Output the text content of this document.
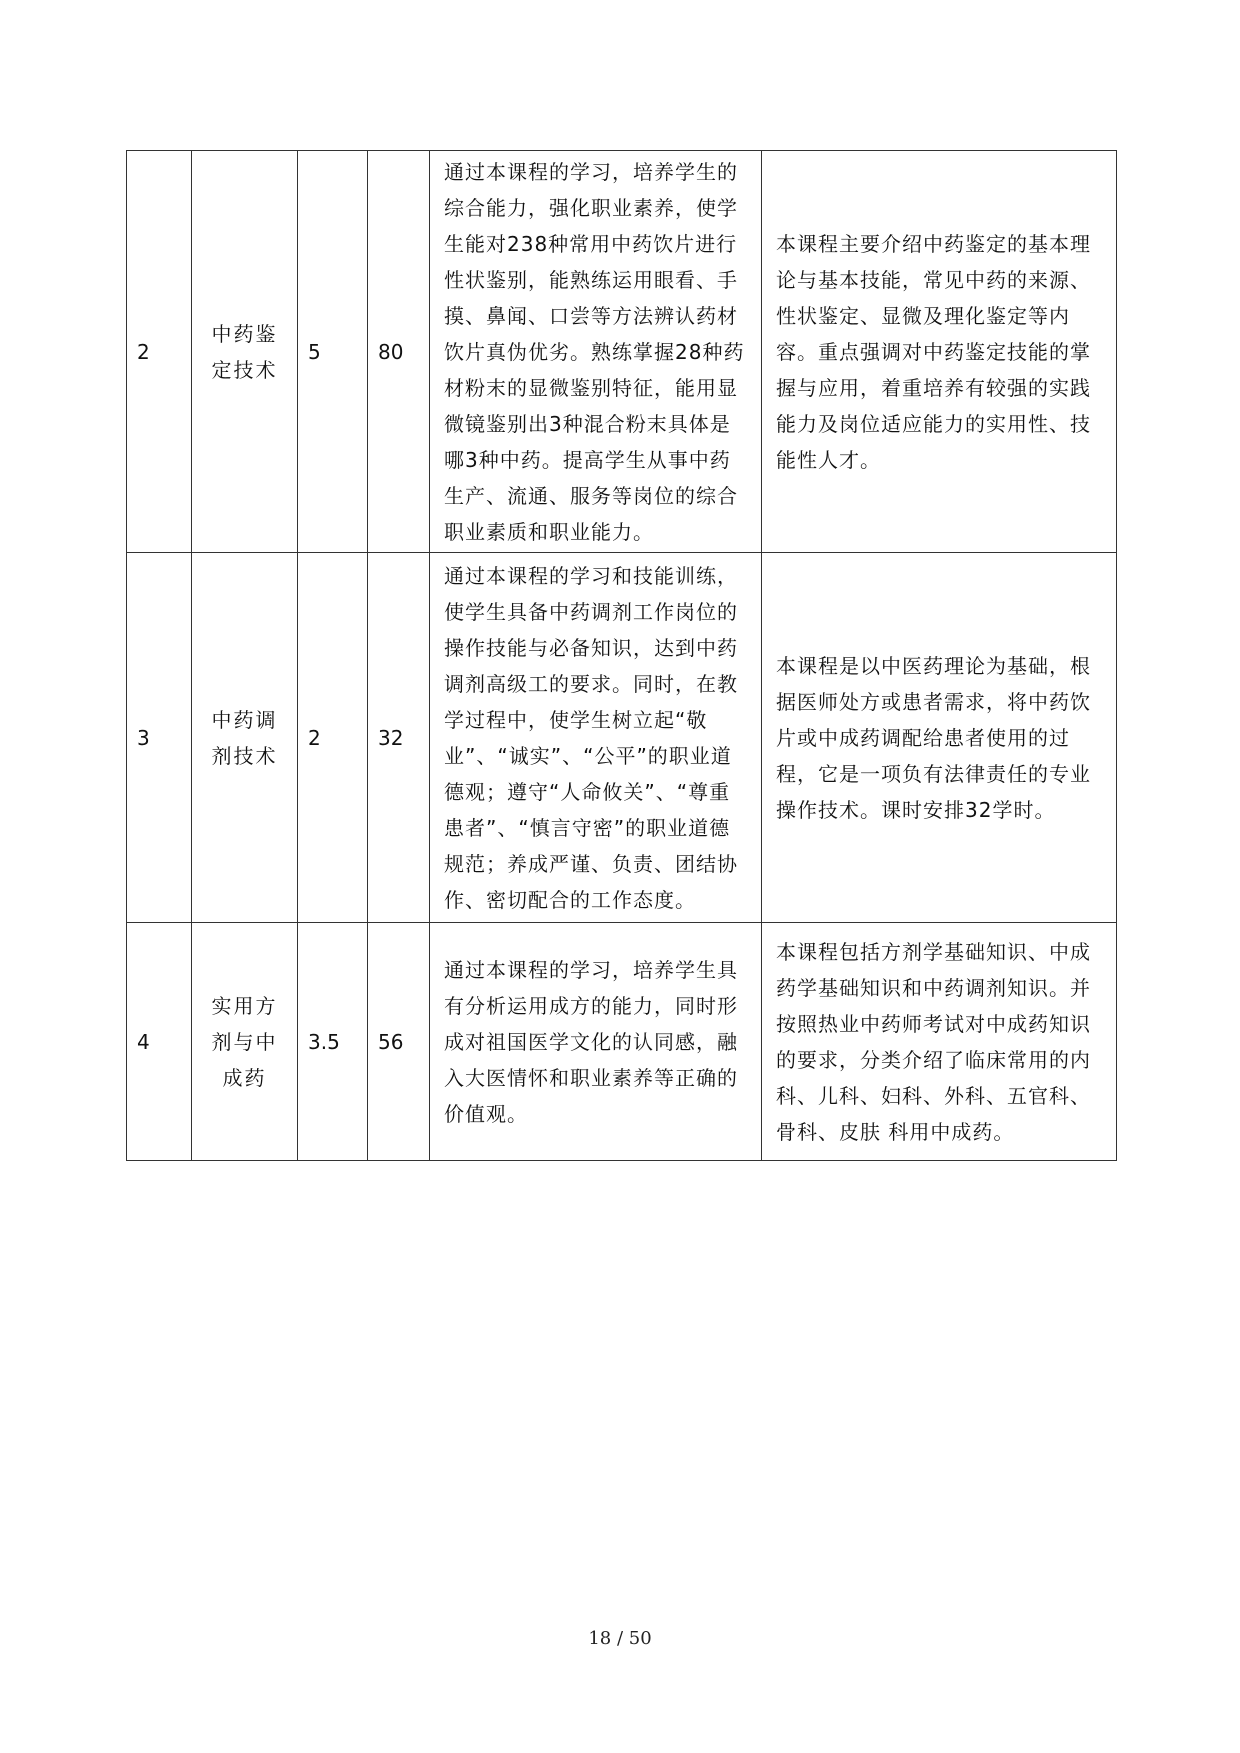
2	中药鉴定技术	5	80	通过本课程的学习，培养学生的综合能力，强化职业素养，使学生能对238种常用中药饮片进行性状鉴别，能熟练运用眼看、手摸、鼻闻、口尝等方法辨认药材饮片真伪优劣。熟练掌握28种药材粉末的显微鉴别特征，能用显微镜鉴别出3种混合粉末具体是哪3种中药。提高学生从事中药生产、流通、服务等岗位的综合职业素质和职业能力。	本课程主要介绍中药鉴定的基本理论与基本技能，常见中药的来源、性状鉴定、显微及理化鉴定等内容。重点强调对中药鉴定技能的掌握与应用，着重培养有较强的实践能力及岗位适应能力的实用性、技能性人才。
3	中药调剂技术	2	32	通过本课程的学习和技能训练，使学生具备中药调剂工作岗位的操作技能与必备知识，达到中药调剂高级工的要求。同时，在教学过程中，使学生树立起“敬业”、“诚实”、“公平”的职业道德观；遵守“人命攸关”、“尊重患者”、“慎言守密”的职业道德规范；养成严谨、负责、团结协作、密切配合的工作态度。	本课程是以中医药理论为基础，根据医师处方或患者需求，将中药饮片或中成药调配给患者使用的过程，它是一项负有法律责任的专业操作技术。课时安排32学时。
4	实用方剂与中成药	3.5	56	通过本课程的学习，培养学生具有分析运用成方的能力，同时形成对祖国医学文化的认同感，融入大医情怀和职业素养等正确的价值观。	本课程包括方剂学基础知识、中成药学基础知识和中药调剂知识。并按照热业中药师考试对中成药知识的要求，分类介绍了临床常用的内科、儿科、妇科、外科、五官科、骨科、皮肤 科用中成药。
18 / 50
